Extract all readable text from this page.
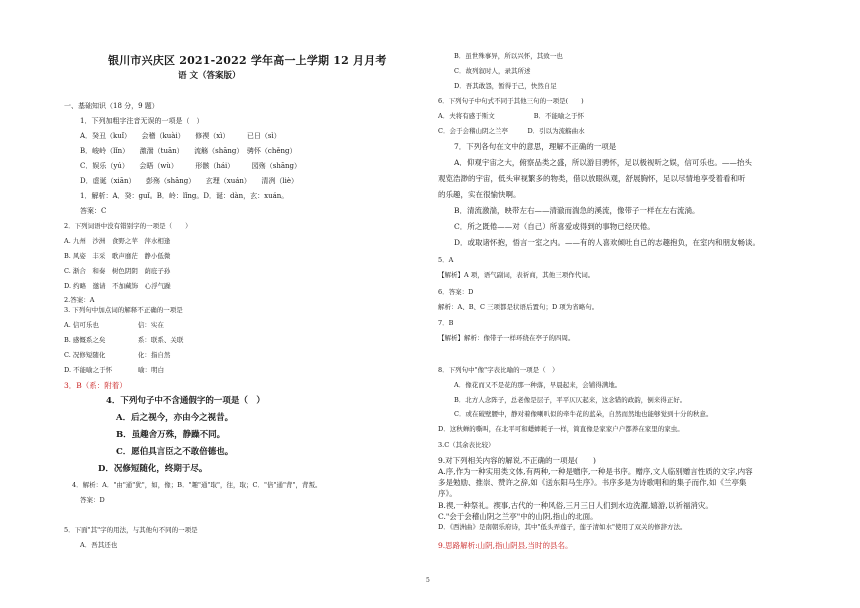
银川市兴庆区 2021-2022 学年高一上学期 12 月月考
语 文（答案版）
一、基础知识（18 分，9 题）
1．下列加粗字注音无误的一项是（　）
A．癸丑（kuǐ）　　会稽（kuài）　　修禊（xì）　　　已日（sì）
B．峻岭（lǐn）　　激湍（tuān）　　流觞（shāng）　骋怀（chěng）
C．娱乐（yú）　　会晤（wù）　　　形骸（hái）　　　园殇（shāng）
D．虚诞（xiān）　　彭殇（shāng）　　玄理（xuán）　　清冽（liè）
1．解析：A．癸：guǐ。B．岭：lǐng。D．诞：dàn，玄：xuán。
答案：C
2．下列词语中没有错别字的一项是（　　）
A. 九州　沙洲　食野之苹　萍水相逢
B. 风姿　丰采　歌声靡茫　静小低微
C. 渐合　和奏　树色阴阴　荫庇子孙
D. 约略　邀请　不加藏饰　心浮气躁
2.答案：A
3. 下列句中加点词的解释不正确的一项是
A. 信可乐也　　　　　　信：实在
B. 感慨系之矣　　　　　系：联系、关联
C. 况修短随化　　　　　化：指自然
D. 不能喻之于怀　　　　喻：明白
3．B（系：附着）
4．下列句子中不含通假字的一项是（　）
A．后之视今，亦由今之视昔。
B．虽趣舍万殊，静躁不同。
C．愿伯具言臣之不敢倍德也。
D．况修短随化，终期于尽。
4．解析：A．"由"通"犹"，如，像；B．"趣"通"取"，往，取；C．"倍"通"背"，背叛。
答案：D
5．下面"其"字的用法，与其他句不同的一项是
A．吾其还也
B．虽世殊事异，所以兴怀，其致一也
C．故列叙时人，录其所述
D．吾其敢怨，暂得于己，快然自足
6．下列句子中句式不同于其他三句的一项是(　　)
A．夫将有感于斯文　　　　　　B．不能喻之于怀
C．会于会稽山阴之兰亭　　　D．引以为流觞曲水
7．下列各句在文中的意思，理解不正确的一项是
A．仰观宇宙之大，俯察品类之盛，所以游目骋怀，足以极视听之娱，信可乐也。——抬头
观览浩渺的宇宙，低头审视繁多的物类，借以放眼纵观，舒展胸怀，足以尽情地享受着看和听
的乐趣，实在很愉快啊。
B．清流激湍，映带左右——清澈而湍急的溪流，像带子一样在左右流淌。
C．所之既倦——对（自己）所喜爱或得到的事物已经厌倦。
D．或取诸怀抱，悟言一室之内。——有的人喜欢倾吐自己的志趣抱负，在室内和朋友畅谈。
5．A
【解析】A 项，语气副词，表祈商，其他三项作代词。
6．答案：D
解析：A、B、C 三项都是状语后置句；D 项为省略句。
7．B
【解析】解析：像带子一样环绕在亭子的四周。
8．下列句中"像"字表比喻的一项是（　）
A．像花而又不是花的那一种落，早晨起来，会铺得满地。
B．北方人念阵子，总老像是层子，平平仄仄起来，这念错的政韵，倒来得正好。
C．或在破壁腰中，静对着像喇叭似的牵牛花的蓝朵，自然而然地也能够觉到十分的秋意。
D．这秋蝉的嘶叫，在北平可和蟋蟀耗子一样，简直像是家家户户都养在家里的家虫。
3.C（其余表比较）
9.对下列相关内容的解说,不正确的一项是(　　)
A.序,作为一种实用类文体,有两种,一种是赠序,一种是书序。赠序,文人临别赠言性质的文字,内容
多是勉励、推崇、赞许之辞,如《送东阳马生序》。书序多是为诗歌唱和的集子而作,如《兰亭集
序》。
B.禊,一种祭礼。禊事,古代的一种风俗,三月三日人们到水边洗濯,嬉游,以祈福消灾。
C."会于会稽山阴之兰亭"中的山阴,指山的北面。
D．《西洲曲》是南朝乐府诗，其中"低头弄莲子，莲子清如水"使用了双关的修辞方法。
9.思路解析:山阴,指山阴县,当时的县名。
5
